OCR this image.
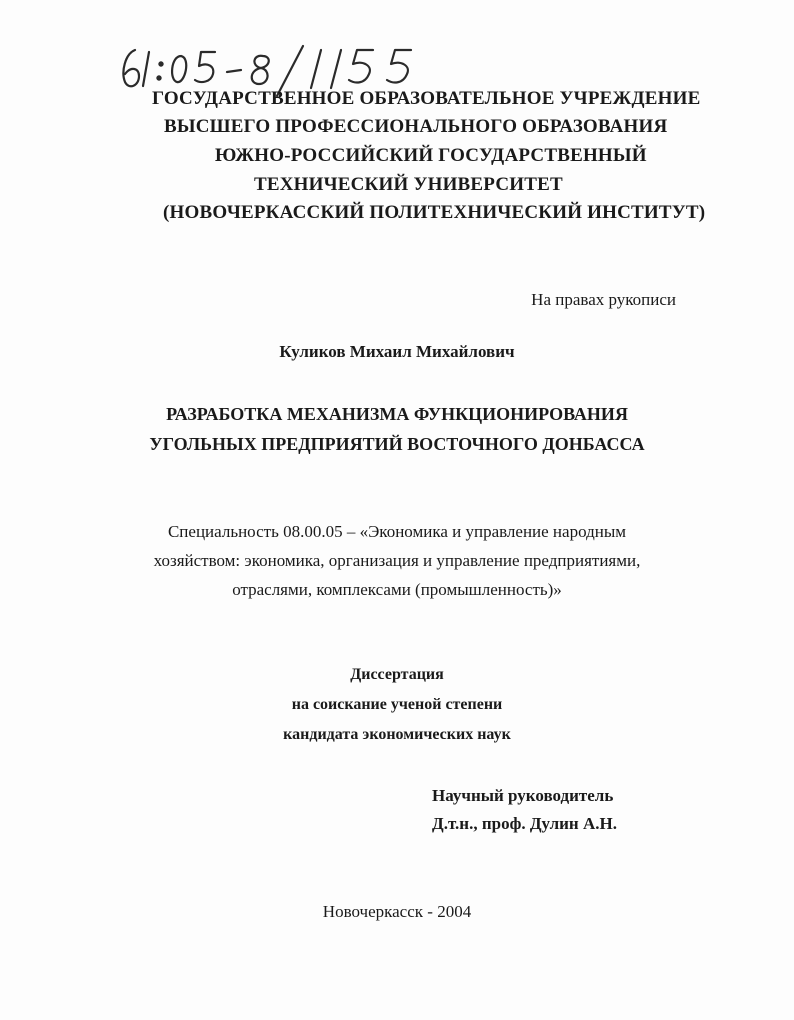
ГОСУДАРСТВЕННОЕ ОБРАЗОВАТЕЛЬНОЕ УЧРЕЖДЕНИЕ

ВЫСШЕГО ПРОФЕССИОНАЛЬНОГО ОБРАЗОВАНИЯ

ЮЖНО-РОССИЙСКИЙ ГОСУДАРСТВЕННЫЙ

ТЕХНИЧЕСКИЙ УНИВЕРСИТЕТ

(НОВОЧЕРКАССКИЙ ПОЛИТЕХНИЧЕСКИЙ ИНСТИТУТ)

На правах рукописи

Куликов Михаил Михайлович

РАЗРАБОТКА МЕХАНИЗМА ФУНКЦИОНИРОВАНИЯ

УГОЛЬНЫХ ПРЕДПРИЯТИЙ ВОСТОЧНОГО ДОНБАССА

Специальность 08.00.05 – «Экономика и управление народным

хозяйством: экономика, организация и управление предприятиями,

отраслями, комплексами (промышленность)»

Диссертация

на соискание ученой степени

кандидата экономических наук

Научный руководитель

Д.т.н., проф. Дулин А.Н.

Новочеркасск - 2004
